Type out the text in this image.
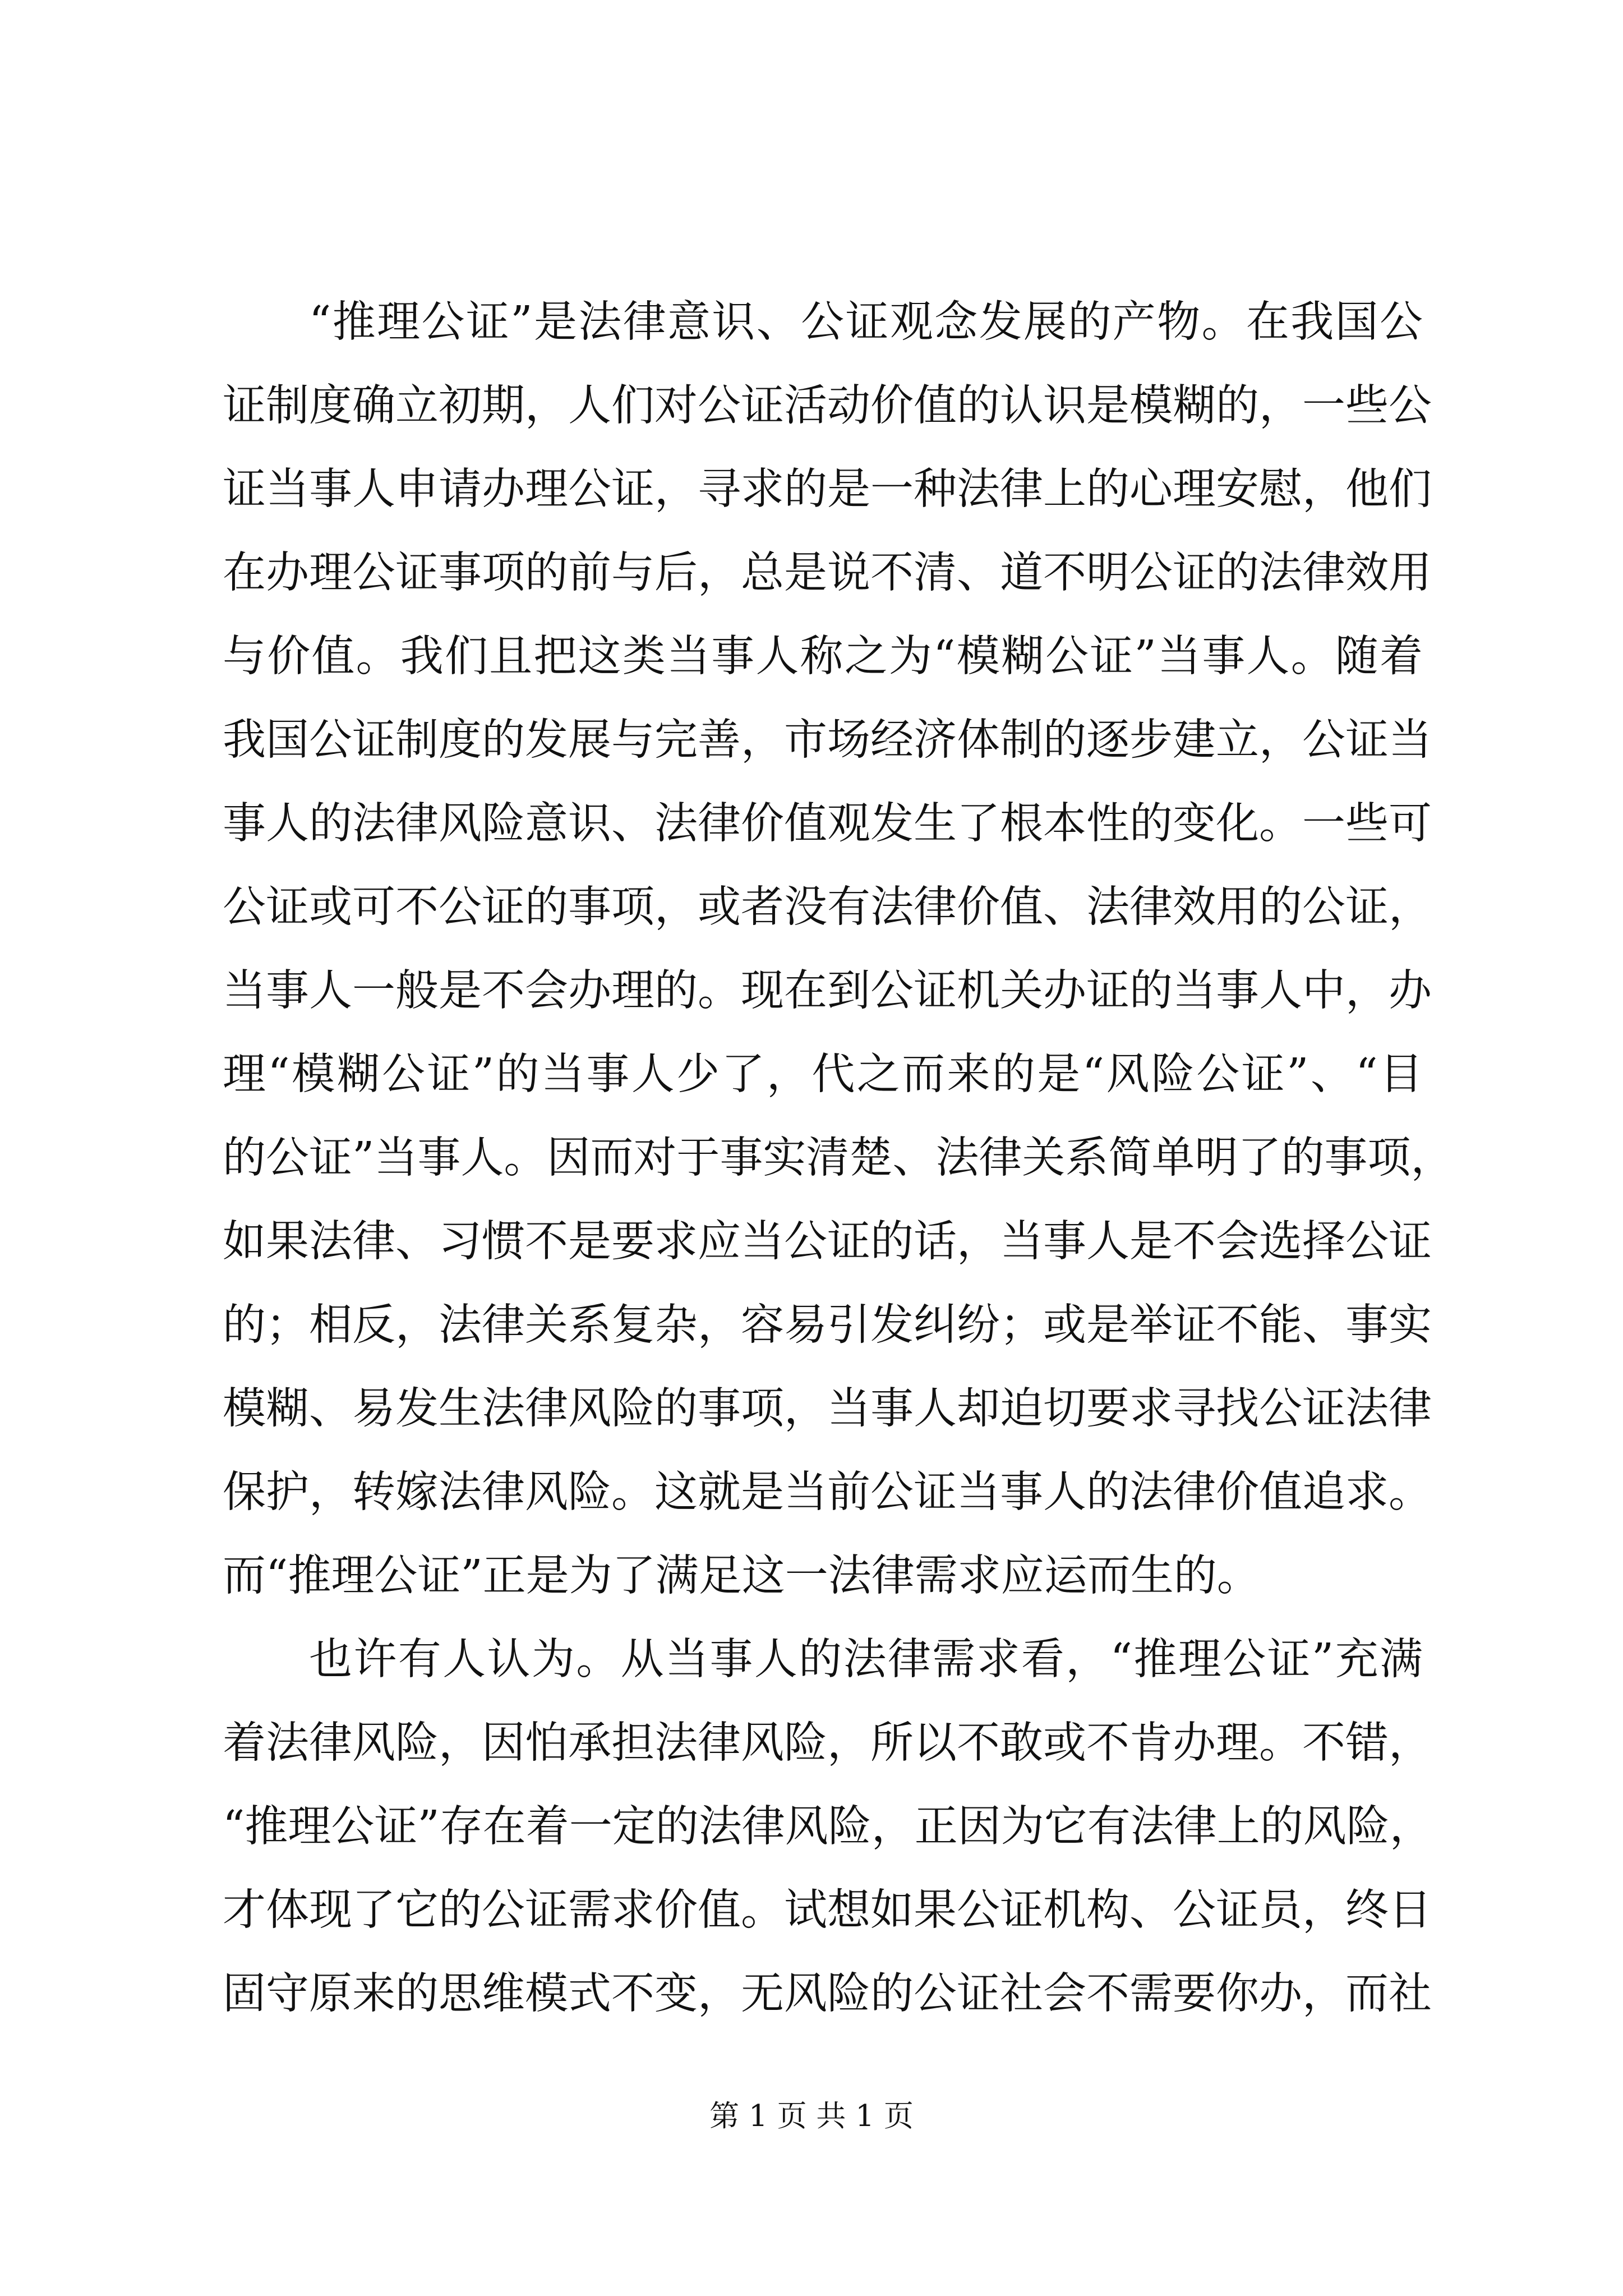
“推理公证”是法律意识、公证观念发展的产物。在我国公
证制度确立初期，人们对公证活动价值的认识是模糊的，一些公
证当事人申请办理公证，寻求的是一种法律上的心理安慰，他们
在办理公证事项的前与后，总是说不清、道不明公证的法律效用
与价值。我们且把这类当事人称之为“模糊公证”当事人。随着
我国公证制度的发展与完善，市场经济体制的逐步建立，公证当
事人的法律风险意识、法律价值观发生了根本性的变化。一些可
公证或可不公证的事项，或者没有法律价值、法律效用的公证，
当事人一般是不会办理的。现在到公证机关办证的当事人中，办
理“模糊公证”的当事人少了，代之而来的是“风险公证”、“目
的公证”当事人。因而对于事实清楚、法律关系简单明了的事项，
如果法律、习惯不是要求应当公证的话，当事人是不会选择公证
的；相反，法律关系复杂，容易引发纠纷；或是举证不能、事实
模糊、易发生法律风险的事项，当事人却迫切要求寻找公证法律
保护，转嫁法律风险。这就是当前公证当事人的法律价值追求。
而“推理公证”正是为了满足这一法律需求应运而生的。
也许有人认为。从当事人的法律需求看，“推理公证”充满
着法律风险，因怕承担法律风险，所以不敢或不肯办理。不错，
“推理公证”存在着一定的法律风险，正因为它有法律上的风险，
才体现了它的公证需求价值。试想如果公证机构、公证员，终日
固守原来的思维模式不变，无风险的公证社会不需要你办，而社
第 1 页 共 1 页
